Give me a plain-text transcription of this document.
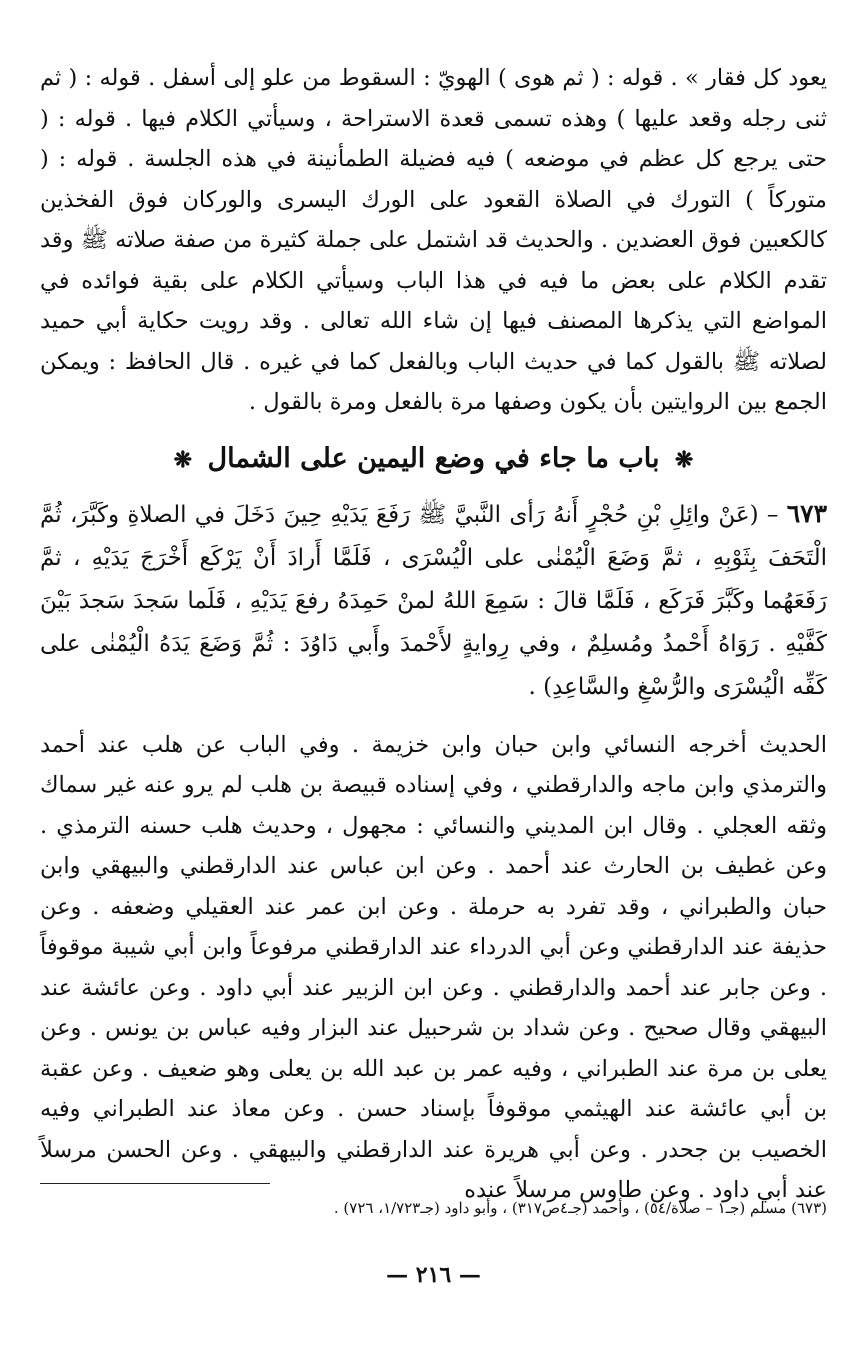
يعود كل فقار » . قوله : ( ثم هوى ) الهويّ : السقوط من علو إلى أسفل . قوله : ( ثم ثنى رجله وقعد عليها ) وهذه تسمى قعدة الاستراحة ، وسيأتي الكلام فيها . قوله : ( حتى يرجع كل عظم في موضعه ) فيه فضيلة الطمأنينة في هذه الجلسة . قوله : ( متوركاً ) التورك في الصلاة القعود على الورك اليسرى والوركان فوق الفخذين كالكعبين فوق العضدين . والحديث قد اشتمل على جملة كثيرة من صفة صلاته ﷺ وقد تقدم الكلام على بعض ما فيه في هذا الباب وسيأتي الكلام على بقية فوائده في المواضع التي يذكرها المصنف فيها إن شاء الله تعالى . وقد رويت حكاية أبي حميد لصلاته ﷺ بالقول كما في حديث الباب وبالفعل كما في غيره . قال الحافظ : ويمكن الجمع بين الروايتين بأن يكون وصفها مرة بالفعل ومرة بالقول .

❋ باب ما جاء في وضع اليمين على الشمال ❋

٦٧٣ – (عَنْ وائِلِ بْنِ حُجْرٍ أَنهُ رَأى النَّبيَّ ﷺ رَفَعَ يَدَيْهِ حِينَ دَخَلَ في الصلاةِ وكَبَّرَ، ثُمَّ الْتَحَفَ بِثَوْبِهِ ، ثمَّ وَضَعَ الْيُمْنٰى على الْيُسْرَى ، فَلَمَّا أَرادَ أَنْ يَرْكَع أَخْرَجَ يَدَيْهِ ، ثمَّ رَفَعَهُما وكَبَّرَ فَرَكَع ، فَلَمَّا قالَ : سَمِعَ اللهُ لمنْ حَمِدَهُ رفعَ يَدَيْهِ ، فَلَما سَجدَ سَجدَ بَيْنَ كَفَّيْهِ . رَوَاهُ أَحْمدُ ومُسلِمٌ ، وفي رِوايةٍ لأَحْمدَ وأَبي دَاوُدَ : ثُمَّ وَضَعَ يَدَهُ الْيُمْنٰى على كَفِّه الْيُسْرَى والرُّسْغِ والسَّاعِدِ) .

الحديث أخرجه النسائي وابن حبان وابن خزيمة . وفي الباب عن هلب عند أحمد والترمذي وابن ماجه والدارقطني ، وفي إسناده قبيصة بن هلب لم يرو عنه غير سماك وثقه العجلي . وقال ابن المديني والنسائي : مجهول ، وحديث هلب حسنه الترمذي . وعن غطيف بن الحارث عند أحمد . وعن ابن عباس عند الدارقطني والبيهقي وابن حبان والطبراني ، وقد تفرد به حرملة . وعن ابن عمر عند العقيلي وضعفه . وعن حذيفة عند الدارقطني وعن أبي الدرداء عند الدارقطني مرفوعاً وابن أبي شيبة موقوفاً . وعن جابر عند أحمد والدارقطني . وعن ابن الزبير عند أبي داود . وعن عائشة عند البيهقي وقال صحيح . وعن شداد بن شرحبيل عند البزار وفيه عباس بن يونس . وعن يعلى بن مرة عند الطبراني ، وفيه عمر بن عبد الله بن يعلى وهو ضعيف . وعن عقبة بن أبي عائشة عند الهيثمي موقوفاً بإسناد حسن . وعن معاذ عند الطبراني وفيه الخصيب بن جحدر . وعن أبي هريرة عند الدارقطني والبيهقي . وعن الحسن مرسلاً عند أبي داود . وعن طاوس مرسلاً عنده

(٦٧٣) مسلم (جـ١ – صلاة/٥٤) ، وأحمد (جـ٤ص٣١٧) ، وأبو داود (جـ١/٧٢٣، ٧٢٦) .
— ٢١٦ —
